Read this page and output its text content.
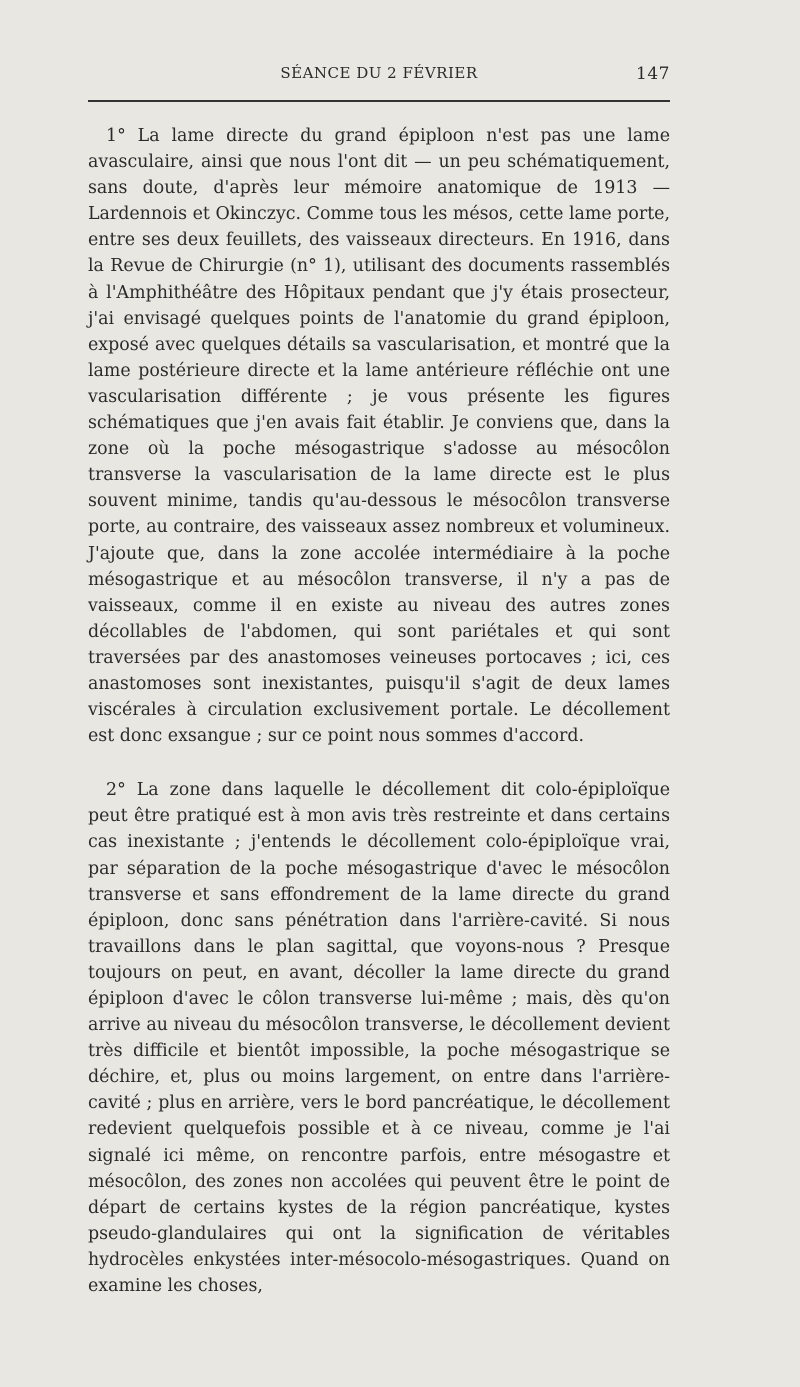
SÉANCE DU 2 FÉVRIER	147

1° La lame directe du grand épiploon n'est pas une lame avasculaire, ainsi que nous l'ont dit — un peu schématiquement, sans doute, d'après leur mémoire anatomique de 1913 — Lardennois et Okinczyc. Comme tous les mésos, cette lame porte, entre ses deux feuillets, des vaisseaux directeurs. En 1916, dans la Revue de Chirurgie (n° 1), utilisant des documents rassemblés à l'Amphithéâtre des Hôpitaux pendant que j'y étais prosecteur, j'ai envisagé quelques points de l'anatomie du grand épiploon, exposé avec quelques détails sa vascularisation, et montré que la lame postérieure directe et la lame antérieure réfléchie ont une vascularisation différente ; je vous présente les figures schématiques que j'en avais fait établir. Je conviens que, dans la zone où la poche mésogastrique s'adosse au mésocôlon transverse la vascularisation de la lame directe est le plus souvent minime, tandis qu'au-dessous le mésocôlon transverse porte, au contraire, des vaisseaux assez nombreux et volumineux. J'ajoute que, dans la zone accolée intermédiaire à la poche mésogastrique et au mésocôlon transverse, il n'y a pas de vaisseaux, comme il en existe au niveau des autres zones décollables de l'abdomen, qui sont pariétales et qui sont traversées par des anastomoses veineuses portocaves ; ici, ces anastomoses sont inexistantes, puisqu'il s'agit de deux lames viscérales à circulation exclusivement portale. Le décollement est donc exsangue ; sur ce point nous sommes d'accord.

2° La zone dans laquelle le décollement dit colo-épiploïque peut être pratiqué est à mon avis très restreinte et dans certains cas inexistante ; j'entends le décollement colo-épiploïque vrai, par séparation de la poche mésogastrique d'avec le mésocôlon transverse et sans effondrement de la lame directe du grand épiploon, donc sans pénétration dans l'arrière-cavité. Si nous travaillons dans le plan sagittal, que voyons-nous ? Presque toujours on peut, en avant, décoller la lame directe du grand épiploon d'avec le côlon transverse lui-même ; mais, dès qu'on arrive au niveau du mésocôlon transverse, le décollement devient très difficile et bientôt impossible, la poche mésogastrique se déchire, et, plus ou moins largement, on entre dans l'arrière-cavité ; plus en arrière, vers le bord pancréatique, le décollement redevient quelquefois possible et à ce niveau, comme je l'ai signalé ici même, on rencontre parfois, entre mésogastre et mésocôlon, des zones non accolées qui peuvent être le point de départ de certains kystes de la région pancréatique, kystes pseudo-glandulaires qui ont la signification de véritables hydrocèles enkystées inter-mésocolo-mésogastriques. Quand on examine les choses,
